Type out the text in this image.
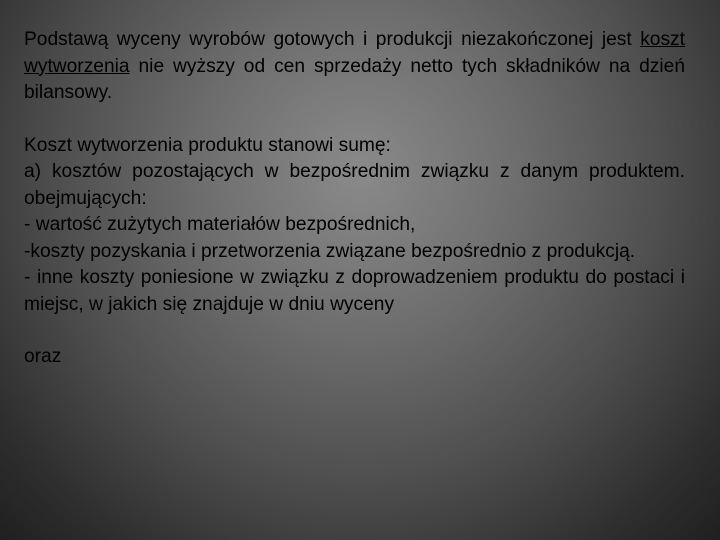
Podstawą wyceny wyrobów gotowych i produkcji niezakończonej jest koszt wytworzenia nie wyższy od cen sprzedaży netto tych składników na dzień bilansowy.

Koszt wytworzenia produktu stanowi sumę:

a) kosztów pozostających w bezpośrednim związku z danym produktem. obejmujących:

- wartość zużytych materiałów bezpośrednich,

-koszty pozyskania i przetworzenia związane bezpośrednio z produkcją.

- inne koszty poniesione w związku z doprowadzeniem produktu do postaci i miejsc, w jakich się znajduje w dniu wyceny

oraz
